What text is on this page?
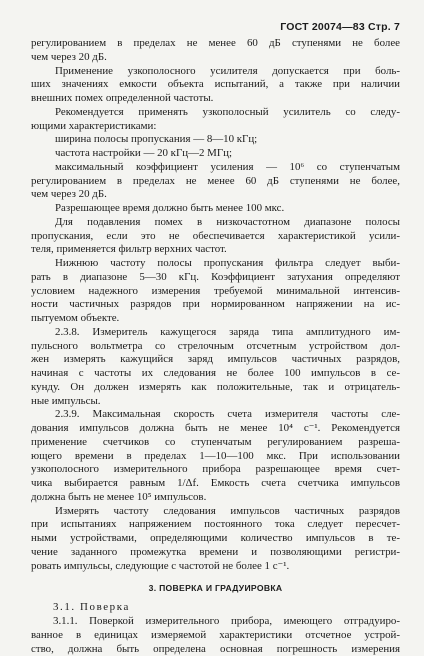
ГОСТ 20074—83 Стр. 7
регулированием в пределах не менее 60 дБ ступенями не более
чем через 20 дБ.
Применение узкополосного усилителя допускается при боль-
ших значениях емкости объекта испытаний, а также при наличии
внешних помех определенной частоты.
Рекомендуется применять узкополосный усилитель со следу-
ющими характеристиками:
ширина полосы пропускания — 8—10 кГц;
частота настройки — 20 кГц—2 МГц;
максимальный коэффициент усиления — 10⁶ со ступенчатым
регулированием в пределах не менее 60 дБ ступенями не более,
чем через 20 дБ.
Разрешающее время должно быть менее 100 мкс.
Для подавления помех в низкочастотном диапазоне полосы
пропускания, если это не обеспечивается характеристикой усили-
теля, применяется фильтр верхних частот.
Нижнюю частоту полосы пропускания фильтра следует выби-
рать в диапазоне 5—30 кГц. Коэффициент затухания определяют
условием надежного измерения требуемой минимальной интенсив-
ности частичных разрядов при нормированном напряжении на ис-
пытуемом объекте.
2.3.8. Измеритель кажущегося заряда типа амплитудного им-
пульсного вольтметра со стрелочным отсчетным устройством дол-
жен измерять кажущийся заряд импульсов частичных разрядов,
начиная с частоты их следования не более 100 импульсов в се-
кунду. Он должен измерять как положительные, так и отрицатель-
ные импульсы.
2.3.9. Максимальная скорость счета измерителя частоты сле-
дования импульсов должна быть не менее 10⁴ с⁻¹. Рекомендуется
применение счетчиков со ступенчатым регулированием разреша-
ющего времени в пределах 1—10—100 мкс. При использовании
узкополосного измерительного прибора разрешающее время счет-
чика выбирается равным 1/Δf. Емкость счета счетчика импульсов
должна быть не менее 10⁵ импульсов.
Измерять частоту следования импульсов частичных разрядов
при испытаниях напряжением постоянного тока следует пересчет-
ными устройствами, определяющими количество импульсов в те-
чение заданного промежутка времени и позволяющими регистри-
ровать импульсы, следующие с частотой не более 1 с⁻¹.
3. ПОВЕРКА И ГРАДУИРОВКА
3.1. Поверка
3.1.1. Поверкой измерительного прибора, имеющего отградуиро-
ванное в единицах измеряемой характеристики отсчетное устрой-
ство, должна быть определена основная погрешность измерения
